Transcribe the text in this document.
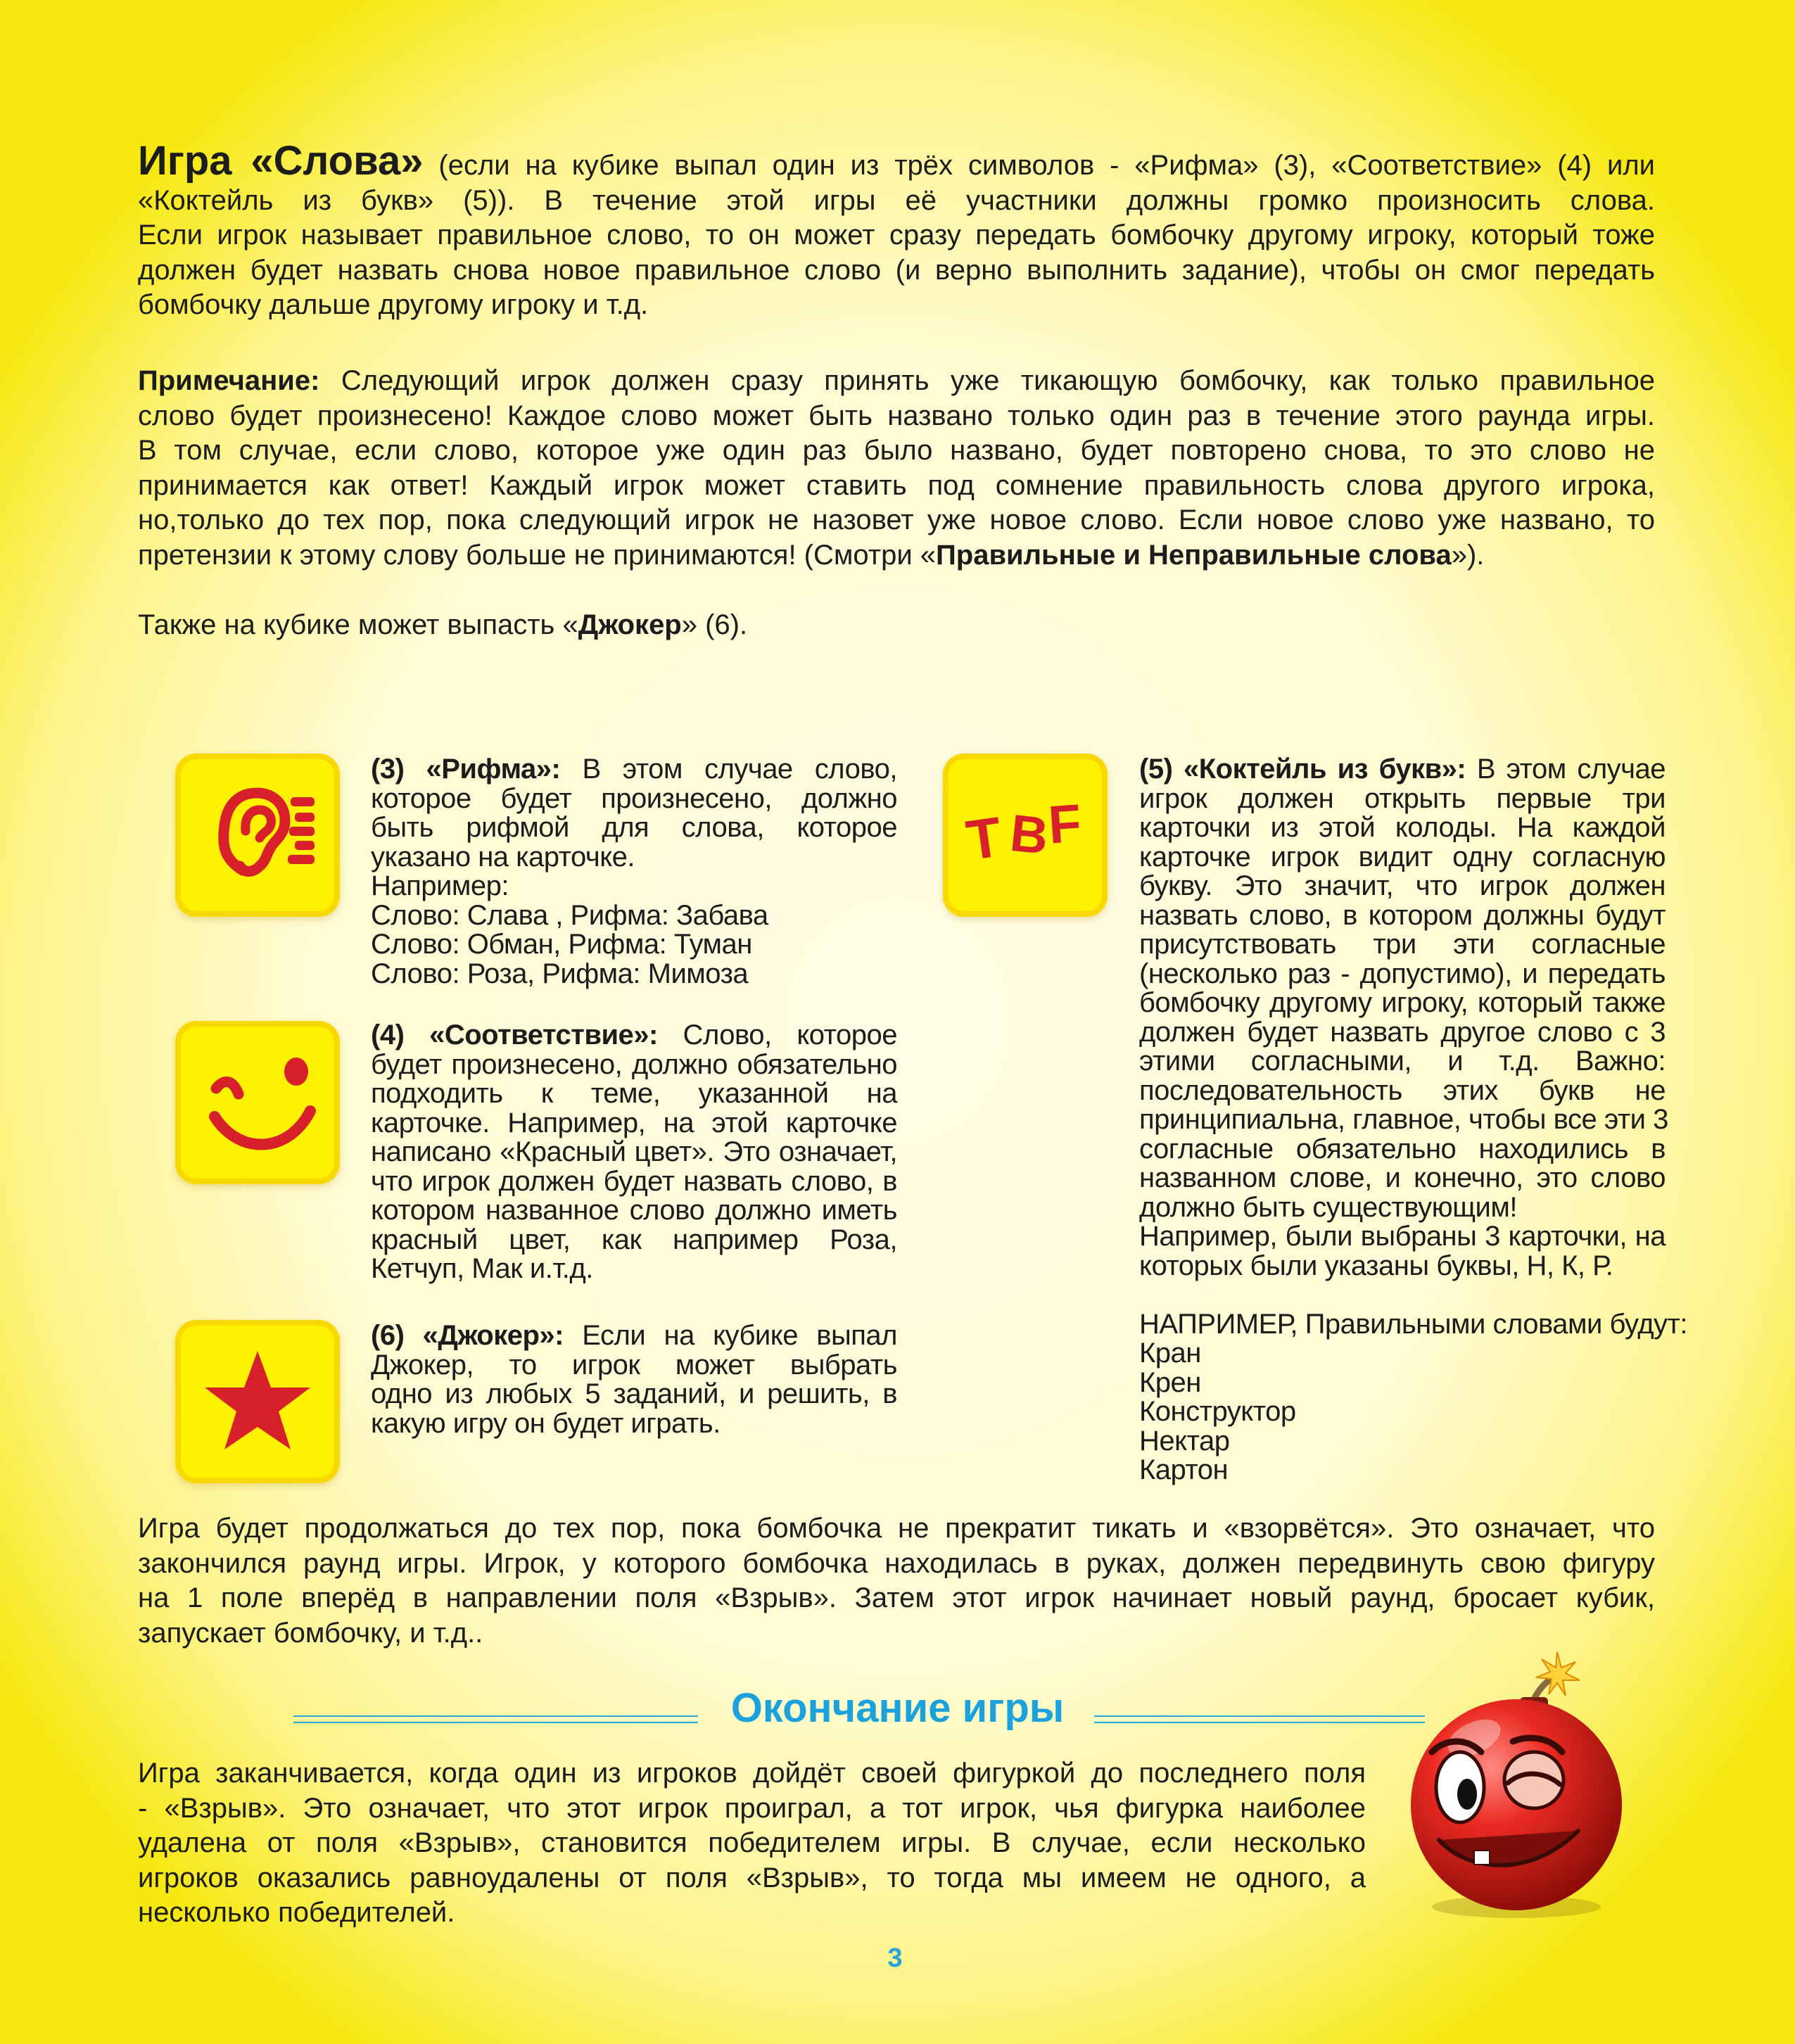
Игра «Слова» (если на кубике выпал один из трёх символов - «Рифма» (3), «Соответствие» (4) или
«Коктейль из букв» (5)). В течение этой игры её участники должны громко произносить слова.
Если игрок называет правильное слово, то он может сразу передать бомбочку другому игроку, который тоже
должен будет назвать снова новое правильное слово (и верно выполнить задание), чтобы он смог передать
бомбочку дальше другому игроку и т.д.
Примечание: Следующий игрок должен сразу принять уже тикающую бомбочку, как только правильное
слово будет произнесено! Каждое слово может быть названо только один раз в течение этого раунда игры.
В том случае, если слово, которое уже один раз было названо, будет повторено снова, то это слово не
принимается как ответ! Каждый игрок может ставить под сомнение правильность слова другого игрока,
но,только до тех пор, пока следующий игрок не назовет уже новое слово. Если новое слово уже названо, то
претензии к этому слову больше не принимаются! (Смотри «Правильные и Неправильные слова»).
Также на кубике может выпасть «Джокер» (6).
T B
F
(3) «Рифма»: В этом случае слово,
которое будет произнесено, должно
быть рифмой для слова, которое
указано на карточке.
Например:
Слово: Слава , Рифма: Забава
Слово: Обман, Рифма: Туман
Слово: Роза, Рифма: Мимоза
(4) «Соответствие»: Слово, которое
будет произнесено, должно обязательно
подходить к теме, указанной на
карточке. Например, на этой карточке
написано «Красный цвет». Это означает,
что игрок должен будет назвать слово, в
котором названное слово должно иметь
красный цвет, как например Роза,
Кетчуп, Мак и.т.д.
(6) «Джокер»: Если на кубике выпал
Джокер, то игрок может выбрать
одно из любых 5 заданий, и решить, в
какую игру он будет играть.
(5) «Коктейль из букв»: В этом случае
игрок должен открыть первые три
карточки из этой колоды. На каждой
карточке игрок видит одну согласную
букву. Это значит, что игрок должен
назвать слово, в котором должны будут
присутствовать три эти согласные
(несколько раз - допустимо), и передать
бомбочку другому игроку, который также
должен будет назвать другое слово с 3
этими согласными, и т.д. Важно:
последовательность этих букв не
принципиальна, главное, чтобы все эти 3
согласные обязательно находились в
названном слове, и конечно, это слово
должно быть существующим!
Например, были выбраны 3 карточки, на
которых были указаны буквы, Н, К, Р.

НАПРИМЕР, Правильными словами будут:
Кран
Крен
Конструктор
Нектар
Картон
Игра будет продолжаться до тех пор, пока бомбочка не прекратит тикать и «взорвётся». Это означает, что
закончился раунд игры. Игрок, у которого бомбочка находилась в руках, должен передвинуть свою фигуру
на 1 поле вперёд в направлении поля «Взрыв». Затем этот игрок начинает новый раунд, бросает кубик,
запускает бомбочку, и т.д..
Окончание игры
Игра заканчивается, когда один из игроков дойдёт своей фигуркой до последнего поля
- «Взрыв». Это означает, что этот игрок проиграл, а тот игрок, чья фигурка наиболее
удалена от поля «Взрыв», становится победителем игры. В случае, если несколько
игроков оказались равноудалены от поля «Взрыв», то тогда мы имеем не одного, а
несколько победителей.
3
